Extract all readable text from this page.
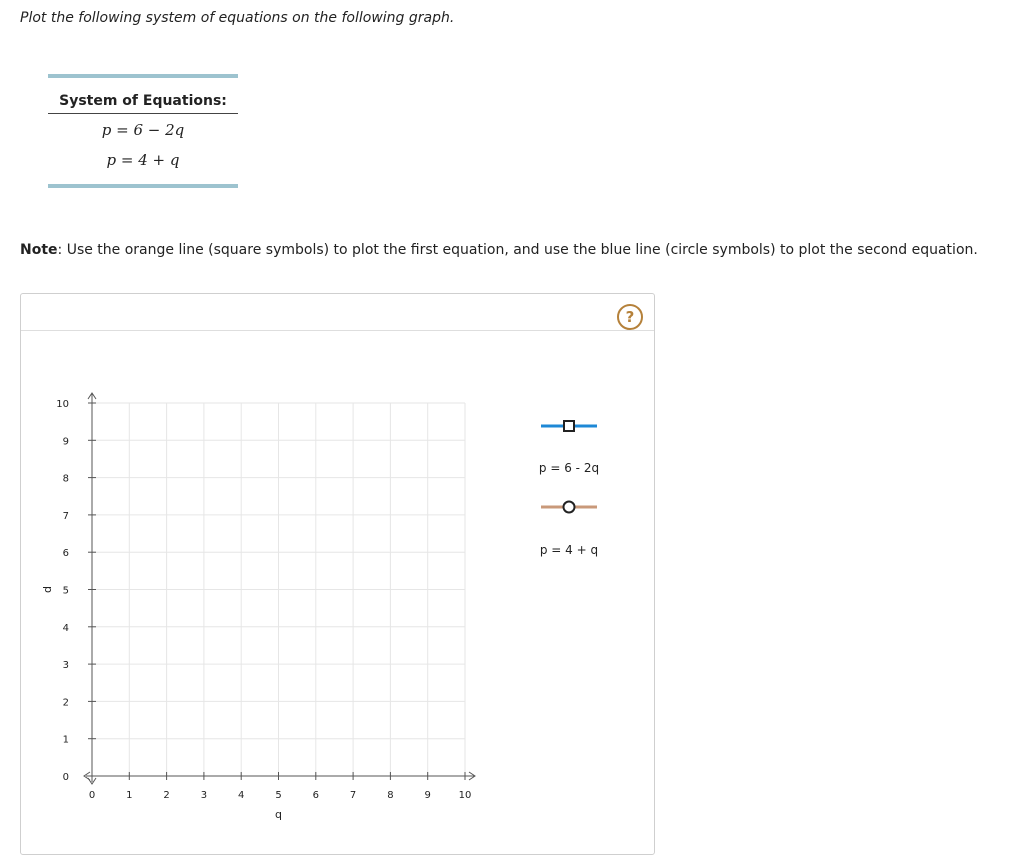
Plot the following system of equations on the following graph.
System of Equations:
p = 6 − 2q
p = 4 + q
Note: Use the orange line (square symbols) to plot the first equation, and use the blue line (circle symbols) to plot the second equation.
?
0	1	2	3	4	5	6	7	8	9	10
0
1
2
3
4
5
6
7
8
9
10
q
p
p = 6 - 2q
p = 4 + q
